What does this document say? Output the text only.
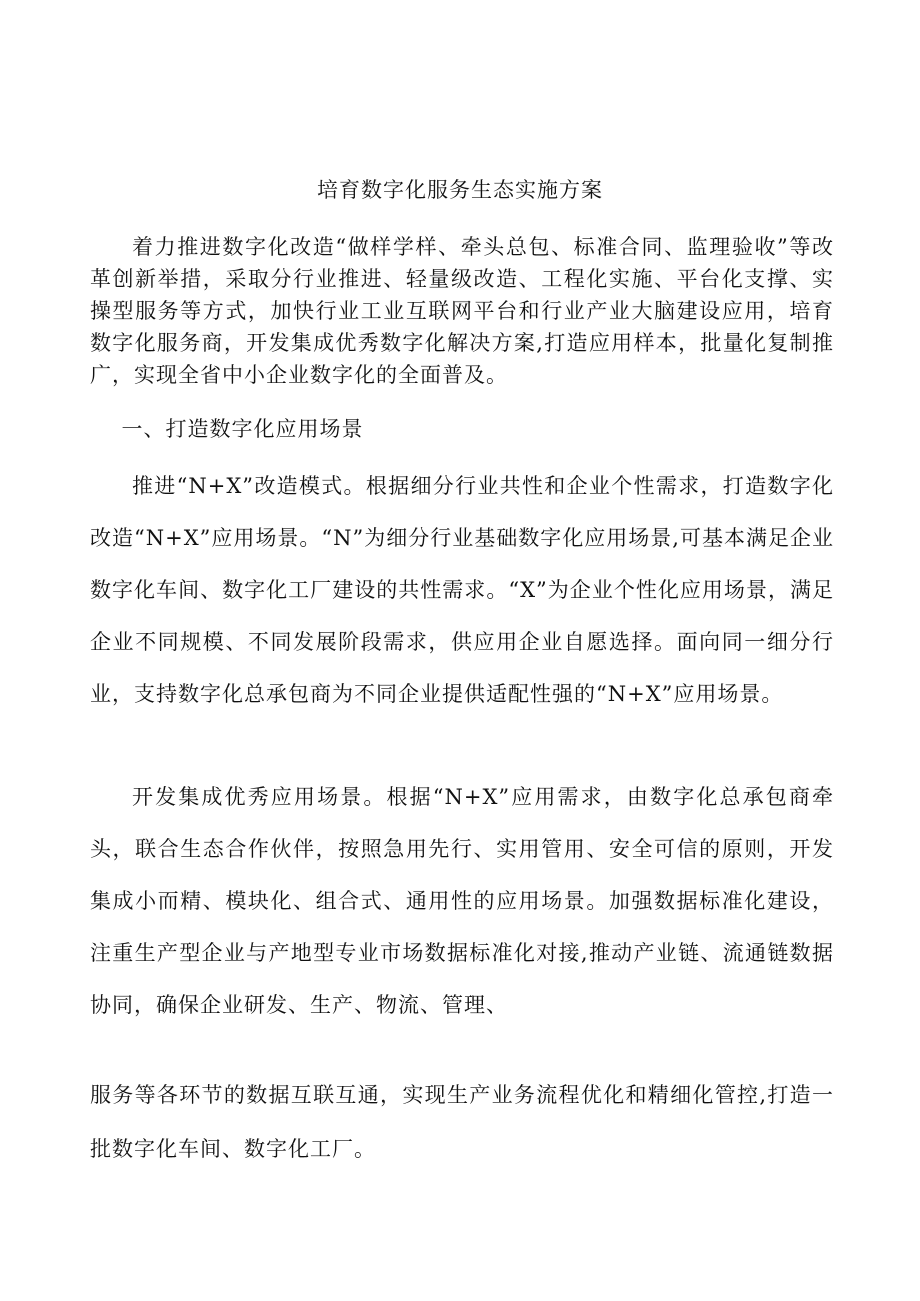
培育数字化服务生态实施方案

着力推进数字化改造“做样学样、牵头总包、标准合同、监理验收”等改革创新举措，采取分行业推进、轻量级改造、工程化实施、平台化支撑、实操型服务等方式，加快行业工业互联网平台和行业产业大脑建设应用，培育数字化服务商，开发集成优秀数字化解决方案,打造应用样本，批量化复制推广，实现全省中小企业数字化的全面普及。

一、打造数字化应用场景

推进“N+X”改造模式。根据细分行业共性和企业个性需求，打造数字化改造“N+X”应用场景。“N”为细分行业基础数字化应用场景,可基本满足企业数字化车间、数字化工厂建设的共性需求。“X”为企业个性化应用场景，满足企业不同规模、不同发展阶段需求，供应用企业自愿选择。面向同一细分行业，支持数字化总承包商为不同企业提供适配性强的“N+X”应用场景。

开发集成优秀应用场景。根据“N+X”应用需求，由数字化总承包商牵头，联合生态合作伙伴，按照急用先行、实用管用、安全可信的原则，开发集成小而精、模块化、组合式、通用性的应用场景。加强数据标准化建设，注重生产型企业与产地型专业市场数据标准化对接,推动产业链、流通链数据协同，确保企业研发、生产、物流、管理、

服务等各环节的数据互联互通，实现生产业务流程优化和精细化管控,打造一批数字化车间、数字化工厂。
